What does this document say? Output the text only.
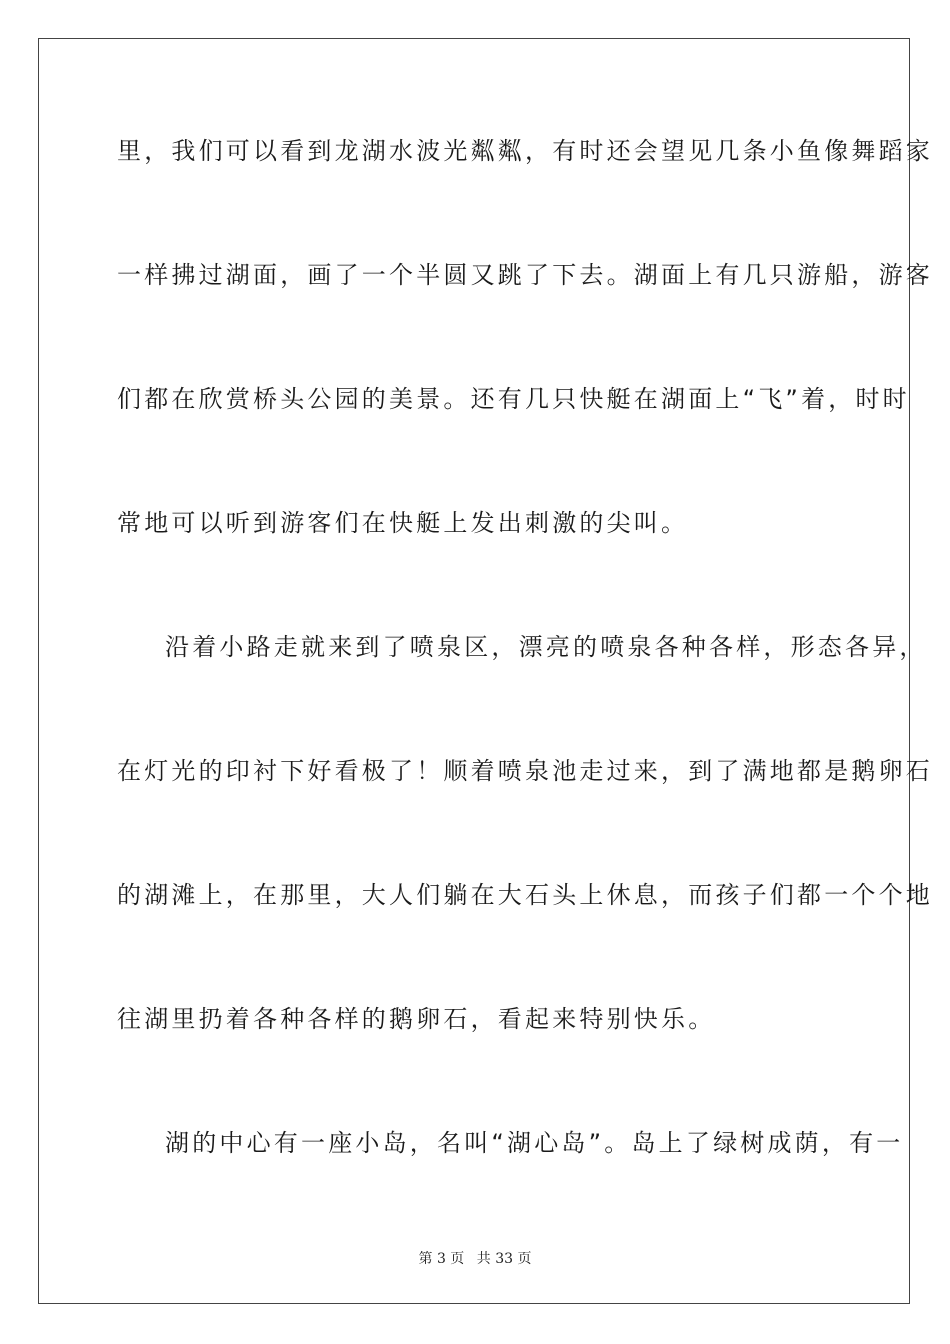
里，我们可以看到龙湖水波光粼粼，有时还会望见几条小鱼像舞蹈家
一样拂过湖面，画了一个半圆又跳了下去。湖面上有几只游船，游客
们都在欣赏桥头公园的美景。还有几只快艇在湖面上“飞”着，时时
常地可以听到游客们在快艇上发出刺激的尖叫。
沿着小路走就来到了喷泉区，漂亮的喷泉各种各样，形态各异，
在灯光的印衬下好看极了！顺着喷泉池走过来，到了满地都是鹅卵石
的湖滩上，在那里，大人们躺在大石头上休息，而孩子们都一个个地
往湖里扔着各种各样的鹅卵石，看起来特别快乐。
湖的中心有一座小岛，名叫“湖心岛”。岛上了绿树成荫，有一
第 3 页 共 33 页
